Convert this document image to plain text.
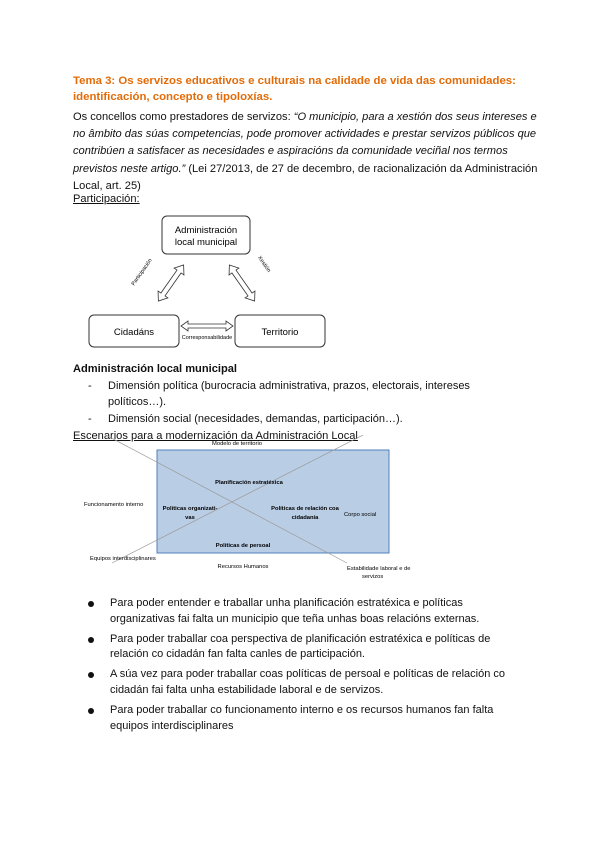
Tema 3: Os servizos educativos e culturais na calidade de vida das comunidades: identificación, concepto e tipoloxías.
Os concellos como prestadores de servizos: “O municipio, para a xestión dos seus intereses e no âmbito das súas competencias, pode promover actividades e prestar servizos públicos que contribúen a satisfacer as necesidades e aspiracións da comunidade veciñal nos termos previstos neste artigo.” (Lei 27/2013, de 27 de decembro, de racionalización da Administración Local, art. 25)
Participación:
Administración
local municipal
Cidadáns	Territorio
Participación	Xestión
Corresponsabilidade
Administración local municipal
- Dimensión política (burocracia administrativa, prazos, electorais, intereses políticos…).
- Dimensión social (necesidades, demandas, participación…).
Escenarios para a modernización da Administración Local
Modelo de territorio
Planificación estratéxica
Funcionamento interno
Políticas organizati-
vas
Políticas de relación coa
cidadanía	Corpo social
Políticas de persoal
Equipos interdisciplinares
Recursos Humanos	Estabilidade laboral e de
servizos
Para poder entender e traballar unha planificación estratéxica e políticas organizativas fai falta un municipio que teña unhas boas relacións externas.
Para poder traballar coa perspectiva de planificación estratéxica e políticas de relación co cidadán fan falta canles de participación.
A súa vez para poder traballar coas políticas de persoal e políticas de relación co cidadán fai falta unha estabilidade laboral e de servizos.
Para poder traballar co funcionamento interno e os recursos humanos fan falta equipos interdisciplinares
